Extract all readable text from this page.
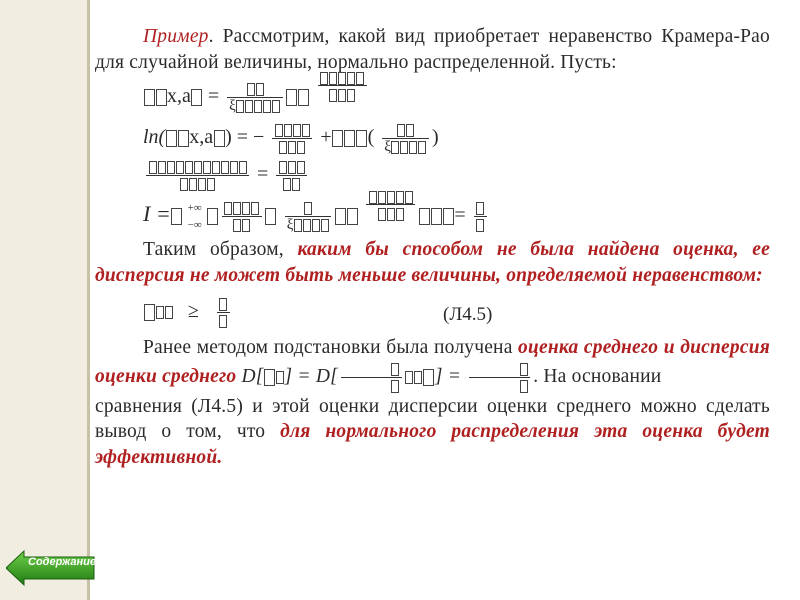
Пример. Рассмотрим, какой вид приобретает неравенство Крамера-Рао для случайной величины, нормально распределенной. Пусть:

x,a = ξ

ln( x,a ) = −	+ ( ξ	)
=
I = +∞
−∞

	ξ
	=

Таким образом, каким бы способом не была найдена оценка, ее дисперсия не может быть меньше величины, определяемой неравенством:

≥	(Л4.5)

Ранее методом подстановки была получена оценка среднего и дисперсия оценки среднего D[ ] = D[	] =	. На основании

сравнения (Л4.5) и этой оценки дисперсии оценки среднего можно сделать вывод о том, что для нормального распределения эта оценка будет эффективной.

Содержание
